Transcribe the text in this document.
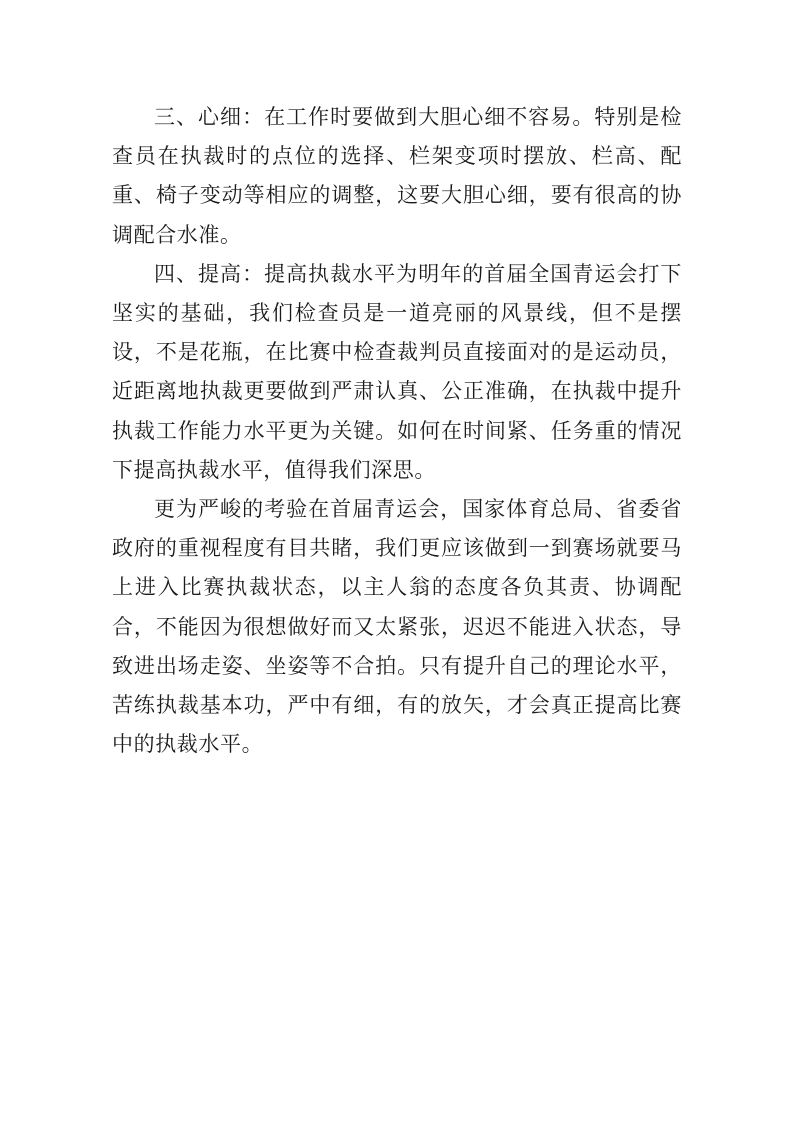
三、心细：在工作时要做到大胆心细不容易。特别是检查员在执裁时的点位的选择、栏架变项时摆放、栏高、配重、椅子变动等相应的调整，这要大胆心细，要有很高的协调配合水准。

四、提高：提高执裁水平为明年的首届全国青运会打下坚实的基础，我们检查员是一道亮丽的风景线，但不是摆设，不是花瓶，在比赛中检查裁判员直接面对的是运动员，近距离地执裁更要做到严肃认真、公正准确，在执裁中提升执裁工作能力水平更为关键。如何在时间紧、任务重的情况下提高执裁水平，值得我们深思。

更为严峻的考验在首届青运会，国家体育总局、省委省政府的重视程度有目共睹，我们更应该做到一到赛场就要马上进入比赛执裁状态，以主人翁的态度各负其责、协调配合，不能因为很想做好而又太紧张，迟迟不能进入状态，导致进出场走姿、坐姿等不合拍。只有提升自己的理论水平，苦练执裁基本功，严中有细，有的放矢，才会真正提高比赛中的执裁水平。
